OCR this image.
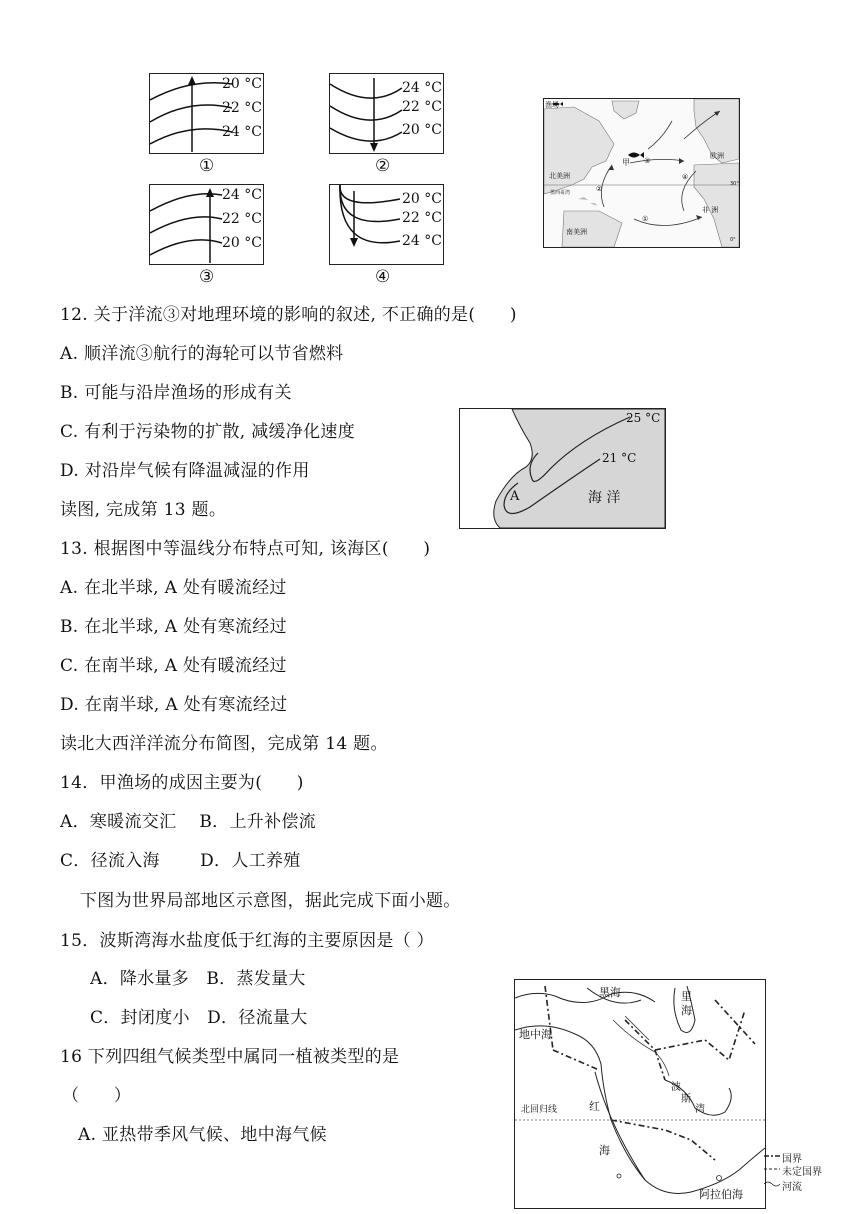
20 °C
22 °C
24 °C
①
24 °C
22 °C
20 °C
②
24 °C
22 °C
20 °C
③
20 °C
22 °C
24 °C
④
渔场
甲
北美洲
欧洲
非 洲
南美洲
墨西哥湾
①
②
③
④
30°
0°
12. 关于洋流③对地理环境的影响的叙述, 不正确的是(　　)
A. 顺洋流③航行的海轮可以节省燃料
B. 可能与沿岸渔场的形成有关
C. 有利于污染物的扩散, 减缓净化速度
D. 对沿岸气候有降温减湿的作用
读图, 完成第 13 题。
25 °C
21 °C
A	海 洋
13. 根据图中等温线分布特点可知, 该海区(　　)
A. 在北半球, A 处有暖流经过
B. 在北半球, A 处有寒流经过
C. 在南半球, A 处有暖流经过
D. 在南半球, A 处有寒流经过
读北大西洋洋流分布简图，完成第 14 题。
14．甲渔场的成因主要为(　　)
A．寒暖流交汇　 B．上升补偿流
C．径流入海　　 D．人工养殖
下图为世界局部地区示意图，据此完成下面小题。
15．波斯湾海水盐度低于红海的主要原因是（ ）
A．降水量多　B．蒸发量大
C．封闭度小　D．径流量大
16 下列四组气候类型中属同一植被类型的是
（　　）
A. 亚热带季风气候、地中海气候
黑海	里
海
地中海
北回归线	红
海
波
斯
湾
阿拉伯海
国界
未定国界
河流
